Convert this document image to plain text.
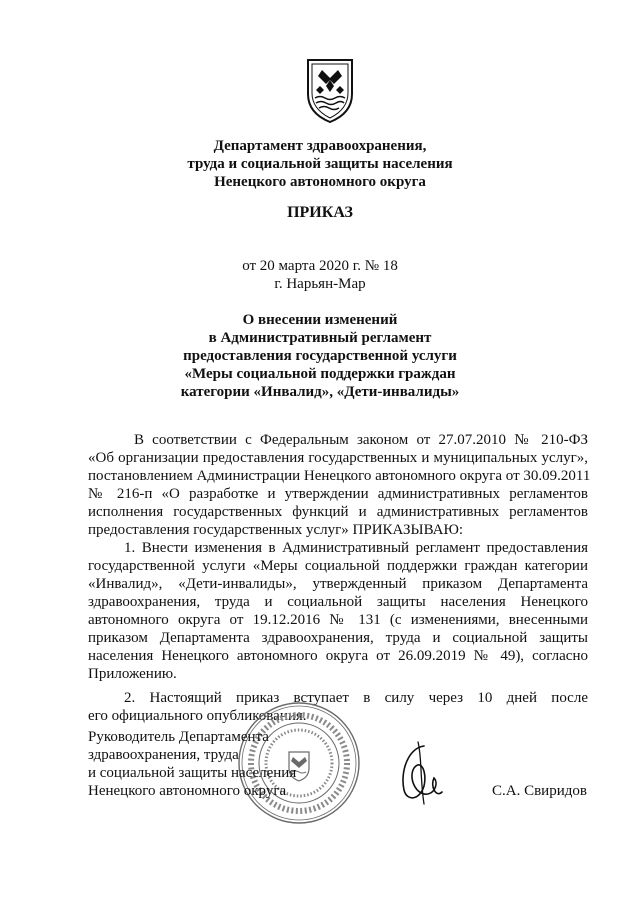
Департамент здравоохранения,
труда и социальной защиты населения
Ненецкого автономного округа
ПРИКАЗ
от 20 марта 2020 г. № 18
г. Нарьян-Мар
О внесении изменений
в Административный регламент
предоставления государственной услуги
«Меры социальной поддержки граждан
категории «Инвалид», «Дети-инвалиды»
В соответствии с Федеральным законом от 27.07.2010 № 210-ФЗ
«Об организации предоставления государственных и муниципальных услуг»,
постановлением Администрации Ненецкого автономного округа от 30.09.2011
№ 216-п «О разработке и утверждении административных регламентов
исполнения государственных функций и административных регламентов
предоставления государственных услуг» ПРИКАЗЫВАЮ:
1. Внести изменения в Административный регламент предоставления
государственной услуги «Меры социальной поддержки граждан категории
«Инвалид», «Дети-инвалиды», утвержденный приказом Департамента
здравоохранения, труда и социальной защиты населения Ненецкого
автономного округа от 19.12.2016 № 131 (с изменениями, внесенными
приказом Департамента здравоохранения, труда и социальной защиты
населения Ненецкого автономного округа от 26.09.2019 № 49), согласно
Приложению.
2. Настоящий приказ вступает в силу через 10 дней после
его официального опубликования.
Руководитель Департамента
здравоохранения, труда
и социальной защиты населения
Ненецкого автономного округа	С.А. Свиридов
